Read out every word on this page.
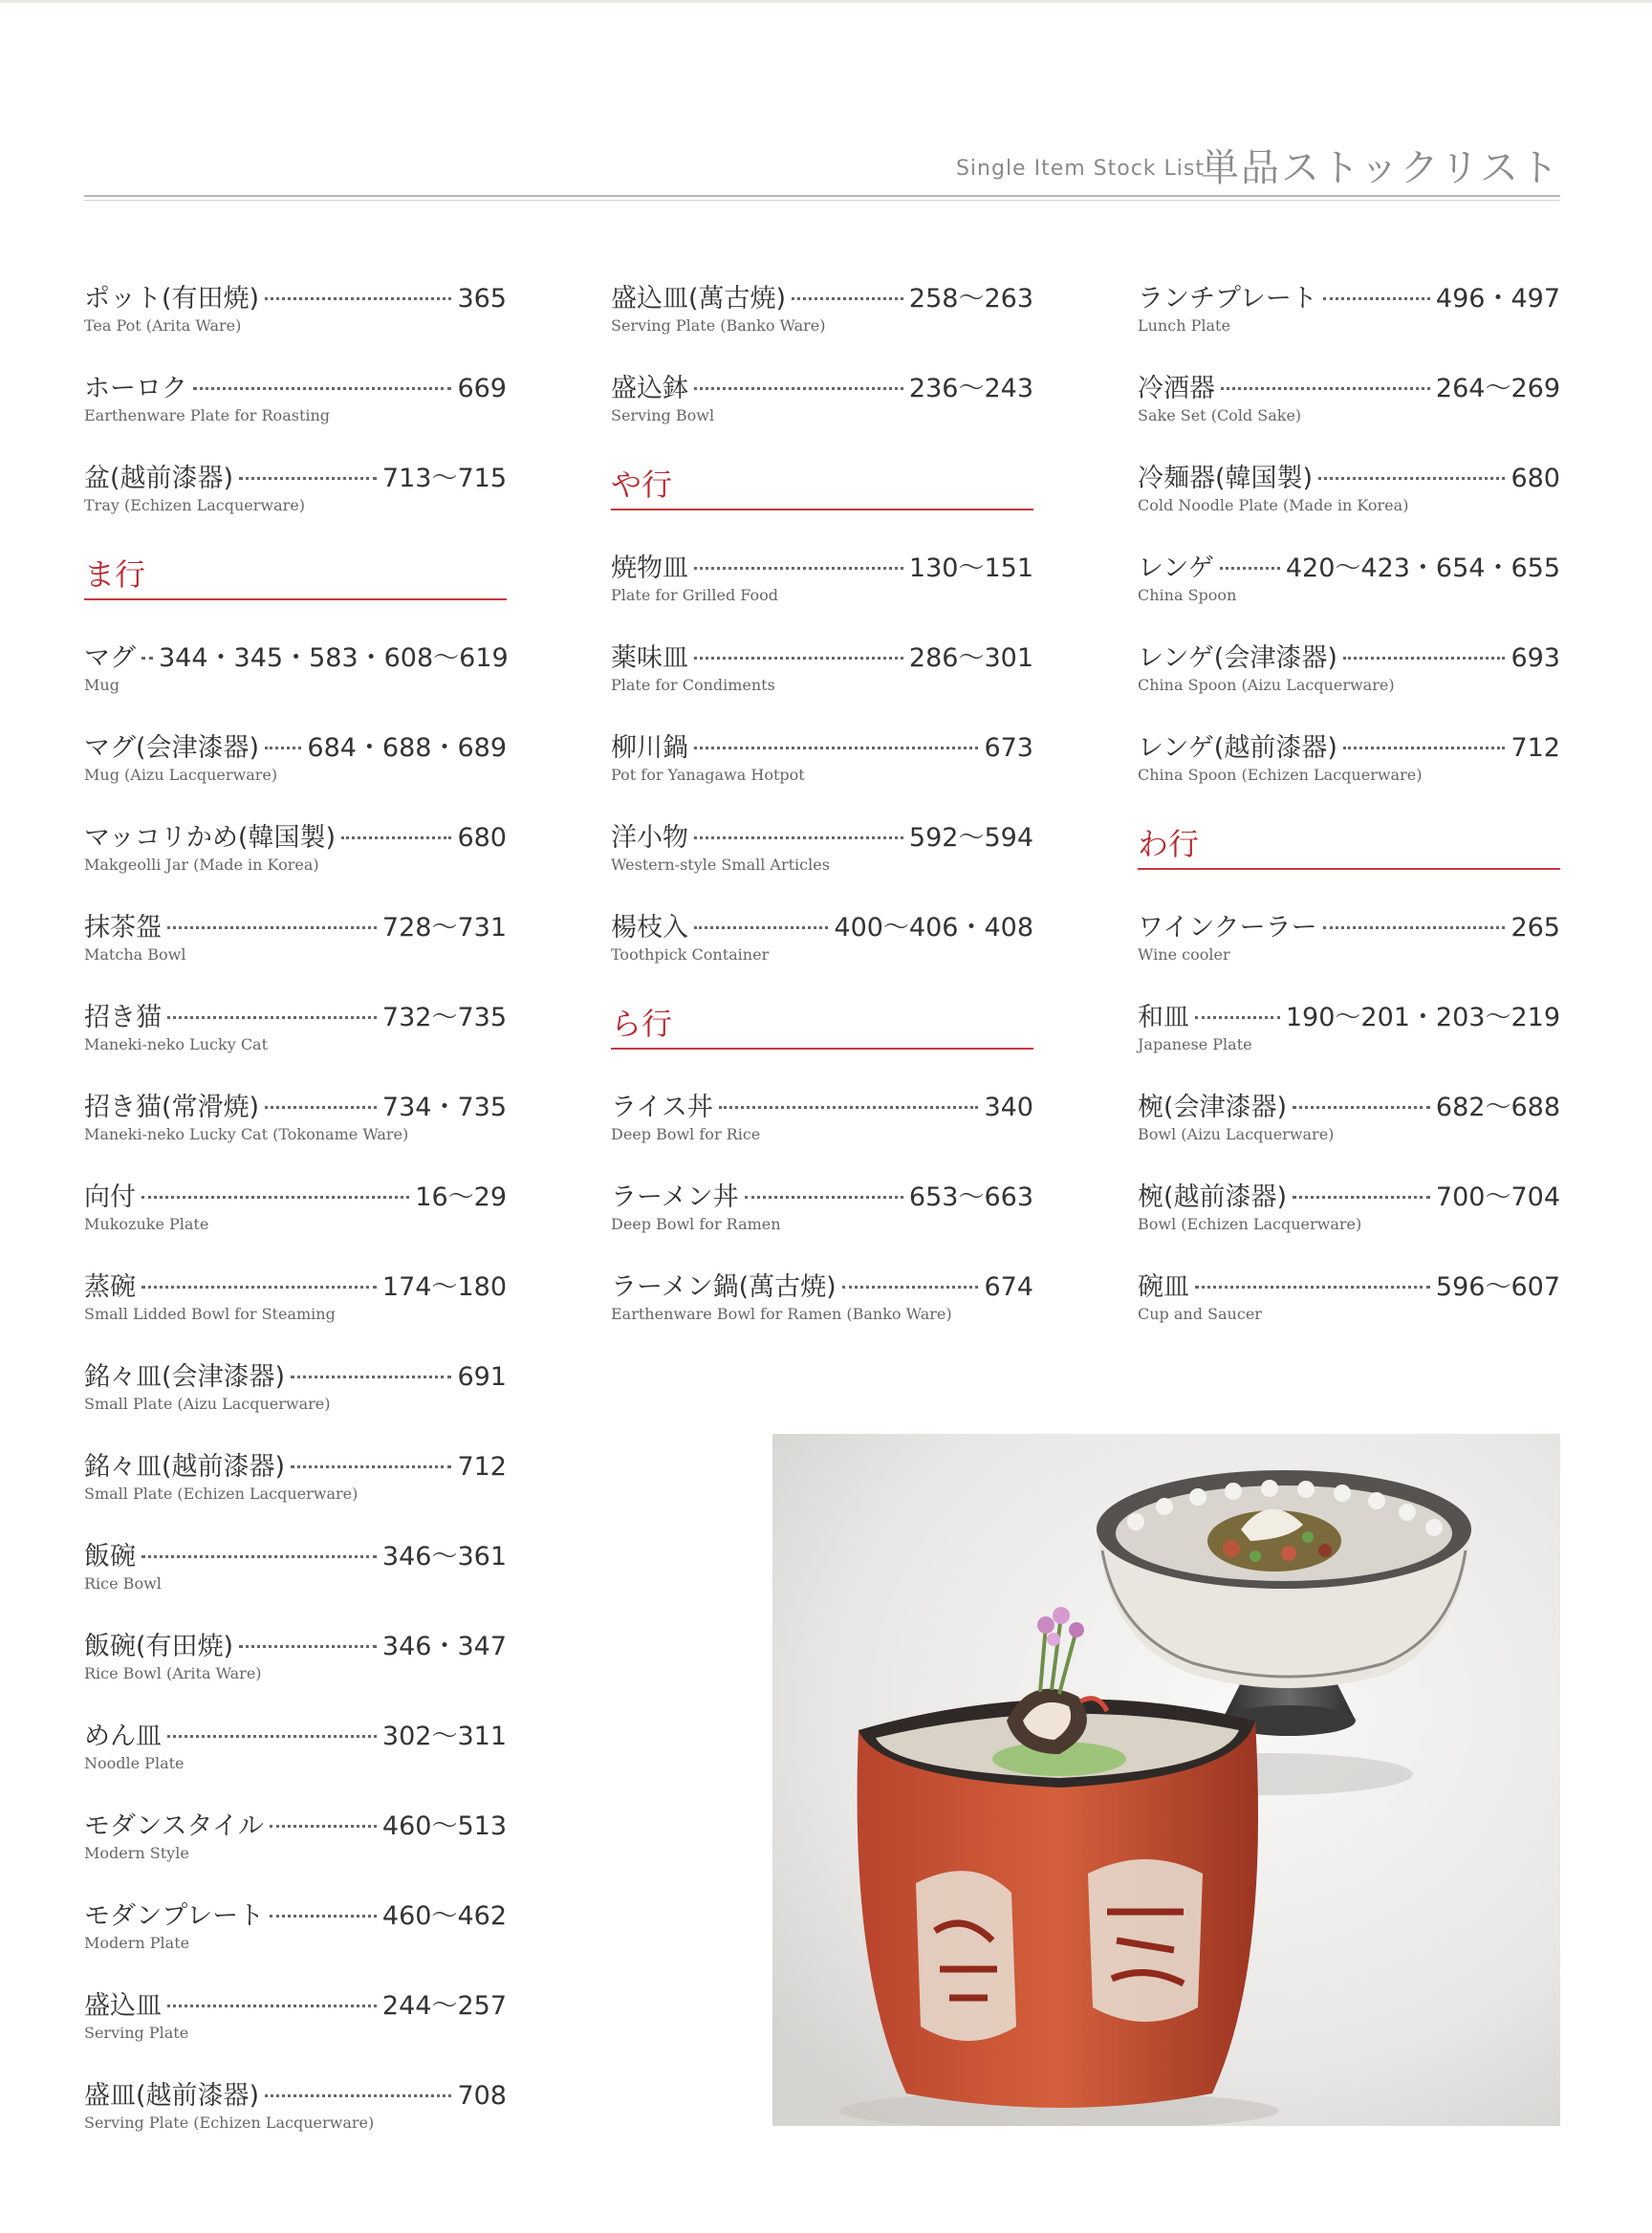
Single Item Stock List
単品ストックリスト
ポット(有田焼)	365
Tea Pot (Arita Ware)
ホーロク	669
Earthenware Plate for Roasting
盆(越前漆器)	713～715
Tray (Echizen Lacquerware)
ま行
マグ 344・345・583・608～619
Mug
マグ(会津漆器) 684・688・689
Mug (Aizu Lacquerware)
マッコリかめ(韓国製)	680
Makgeolli Jar (Made in Korea)
抹茶盌	728～731
Matcha Bowl
招き猫	732～735
Maneki-neko Lucky Cat
招き猫(常滑焼)	734・735
Maneki-neko Lucky Cat (Tokoname Ware)
向付	16～29
Mukozuke Plate
蒸碗	174～180
Small Lidded Bowl for Steaming
銘々皿(会津漆器)	691
Small Plate (Aizu Lacquerware)
銘々皿(越前漆器)	712
Small Plate (Echizen Lacquerware)
飯碗	346～361
Rice Bowl
飯碗(有田焼)	346・347
Rice Bowl (Arita Ware)
めん皿	302～311
Noodle Plate
モダンスタイル	460～513
Modern Style
モダンプレート	460～462
Modern Plate
盛込皿	244～257
Serving Plate
盛皿(越前漆器)	708
Serving Plate (Echizen Lacquerware)
盛込皿(萬古焼)	258～263
Serving Plate (Banko Ware)
盛込鉢	236～243
Serving Bowl
や行
焼物皿	130～151
Plate for Grilled Food
薬味皿	286～301
Plate for Condiments
柳川鍋	673
Pot for Yanagawa Hotpot
洋小物	592～594
Western-style Small Articles
楊枝入	400～406・408
Toothpick Container
ら行
ライス丼	340
Deep Bowl for Rice
ラーメン丼	653～663
Deep Bowl for Ramen
ラーメン鍋(萬古焼)	674
Earthenware Bowl for Ramen (Banko Ware)
ランチプレート	496・497
Lunch Plate
冷酒器	264～269
Sake Set (Cold Sake)
冷麺器(韓国製)	680
Cold Noodle Plate (Made in Korea)
レンゲ	420～423・654・655
China Spoon
レンゲ(会津漆器)	693
China Spoon (Aizu Lacquerware)
レンゲ(越前漆器)	712
China Spoon (Echizen Lacquerware)
わ行
ワインクーラー	265
Wine cooler
和皿	190～201・203～219
Japanese Plate
椀(会津漆器)	682～688
Bowl (Aizu Lacquerware)
椀(越前漆器)	700～704
Bowl (Echizen Lacquerware)
碗皿	596～607
Cup and Saucer
